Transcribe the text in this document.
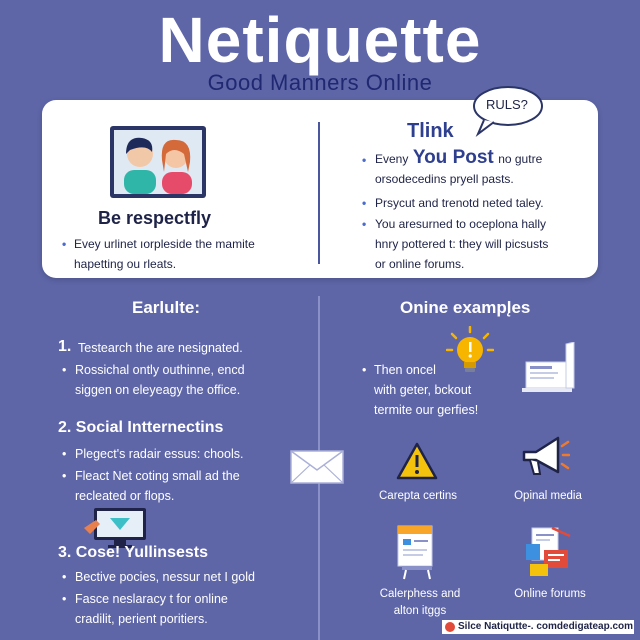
Netiquette
Good Manners Online
Be respectfly
• Evey urlinet ıorpleside the mamite
hapetting ou rleats.
RULS?
Tlink
• Eveny You Post no gutre
orsodecedins pryell pasts.
• Prsycut and trenotd neted taley.
• You aresurned to oceplona hally
hnry pottered t: they will picsusts
or online forums.
Earlulte:
1. Testearch the are nesignated.
• Rossichal ontly outhinne, encd
siggen on eleyeagy the office.
2. Social Intternectins
• Plegect's radair essus: chools.
• Fleact Net coting small ad the
recleated or flops.
3. Cose! Yullinsests
• Bective pocies, nessur net I gold
• Fasce neslaracy t for online
cradilit, perient poritiers.
Onine exampl̨es
• Then oncel
with geter, bckout
termite our gerfies!
Carepta certins	Opinal media
Calerphess and
alton itggs
Online forums
Silce Natiqutte-. comdedigateap.com
